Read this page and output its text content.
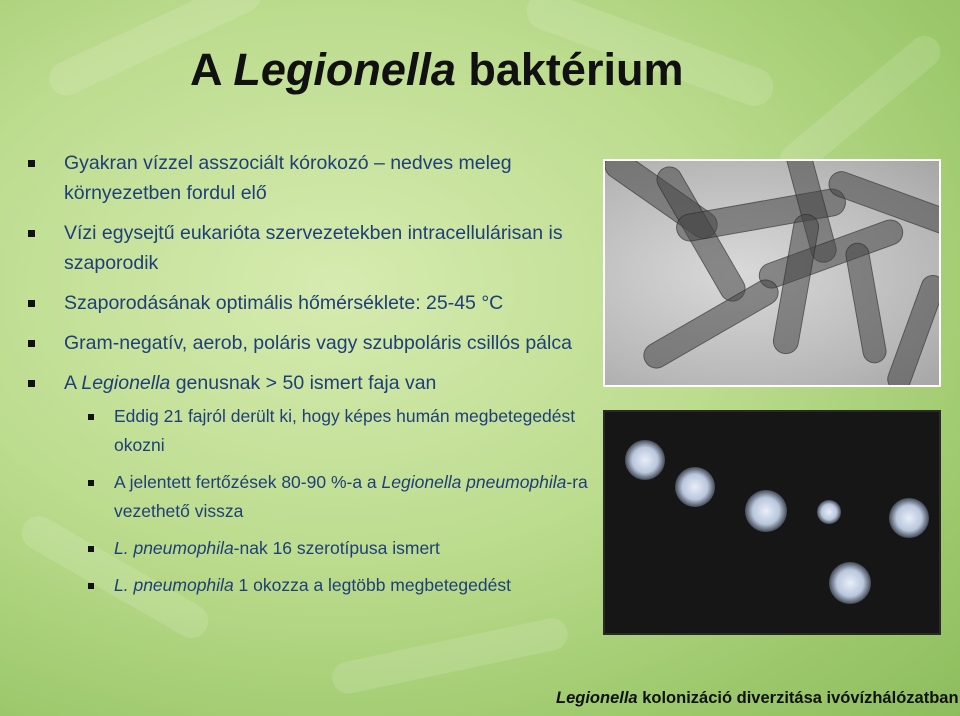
A Legionella baktérium
Gyakran vízzel asszociált kórokozó – nedves meleg környezetben fordul elő
Vízi egysejtű eukarióta szervezetekben intracellulárisan is szaporodik
Szaporodásának optimális hőmérséklete: 25-45 °C
Gram-negatív, aerob, poláris vagy szubpoláris csillós pálca
A Legionella genusnak > 50 ismert faja van
Eddig 21 fajról derült ki, hogy képes humán megbetegedést okozni
A jelentett fertőzések 80-90 %-a a Legionella pneumophila-ra vezethető vissza
L. pneumophila-nak 16 szerotípusa ismert
L. pneumophila 1 okozza a legtöbb megbetegedést
Legionella kolonizáció diverzitása ivóvízhálózatban
